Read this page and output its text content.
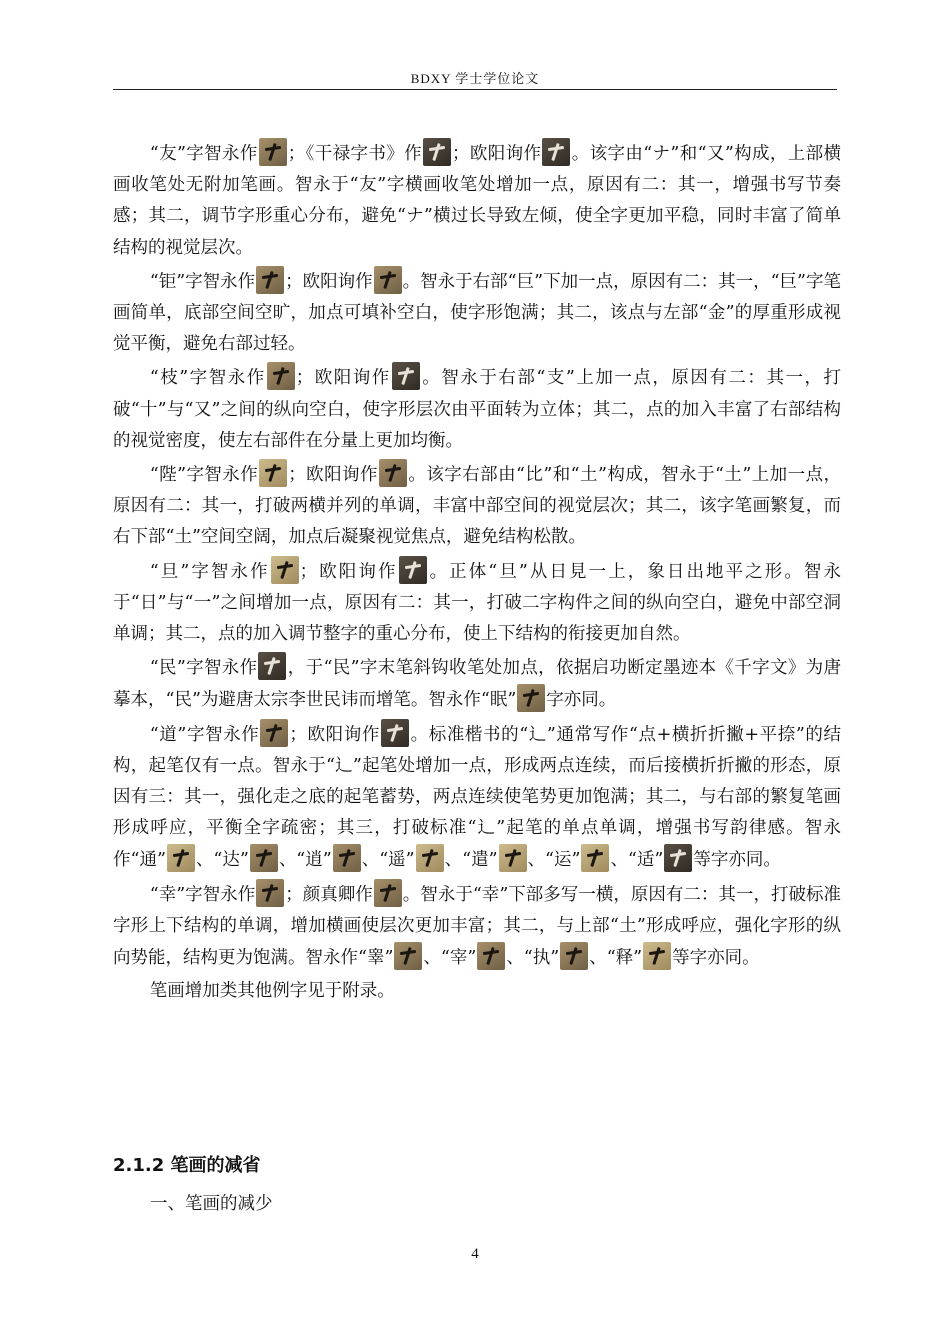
BDXY 学士学位论文

“友”字智永作 ；《干禄字书》作 ；欧阳询作 。该字由“ナ”和“又”构成，上部横画收笔处无附加笔画。智永于“友”字横画收笔处增加一点，原因有二：其一，增强书写节奏感；其二，调节字形重心分布，避免“ナ”横过长导致左倾，使全字更加平稳，同时丰富了简单结构的视觉层次。

“钜”字智永作 ；欧阳询作 。智永于右部“巨”下加一点，原因有二：其一，“巨”字笔画简单，底部空间空旷，加点可填补空白，使字形饱满；其二，该点与左部“金”的厚重形成视觉平衡，避免右部过轻。

“枝”字智永作 ；欧阳询作 。智永于右部“支”上加一点，原因有二：其一，打破“十”与“又”之间的纵向空白，使字形层次由平面转为立体；其二，点的加入丰富了右部结构的视觉密度，使左右部件在分量上更加均衡。

“陛”字智永作 ；欧阳询作 。该字右部由“比”和“土”构成，智永于“土”上加一点，原因有二：其一，打破两横并列的单调，丰富中部空间的视觉层次；其二，该字笔画繁复，而右下部“土”空间空阔，加点后凝聚视觉焦点，避免结构松散。

“旦”字智永作 ；欧阳询作 。正体“旦”从日見一上，象日出地平之形。智永于“日”与“一”之间增加一点，原因有二：其一，打破二字构件之间的纵向空白，避免中部空洞单调；其二，点的加入调节整字的重心分布，使上下结构的衔接更加自然。

“民”字智永作 ，于“民”字末笔斜钩收笔处加点，依据启功断定墨迹本《千字文》为唐摹本，“民”为避唐太宗李世民讳而增笔。智永作“眠” 字亦同。

“道”字智永作 ；欧阳询作 。标准楷书的“辶”通常写作“点+横折折撇+平捺”的结构，起笔仅有一点。智永于“辶”起笔处增加一点，形成两点连续，而后接横折折撇的形态，原因有三：其一，强化走之底的起笔蓄势，两点连续使笔势更加饱满；其二，与右部的繁复笔画形成呼应，平衡全字疏密；其三，打破标准“辶”起笔的单点单调，增强书写韵律感。智永作“通” 、“达” 、“逍” 、“遥” 、“遣” 、“运” 、“适” 等字亦同。

“幸”字智永作 ；颜真卿作 。智永于“幸”下部多写一横，原因有二：其一，打破标准字形上下结构的单调，增加横画使层次更加丰富；其二，与上部“土”形成呼应，强化字形的纵向势能，结构更为饱满。智永作“睾” 、“宰” 、“执” 、“释” 等字亦同。

笔画增加类其他例字见于附录。

2.1.2 笔画的减省
一、笔画的减少
4
